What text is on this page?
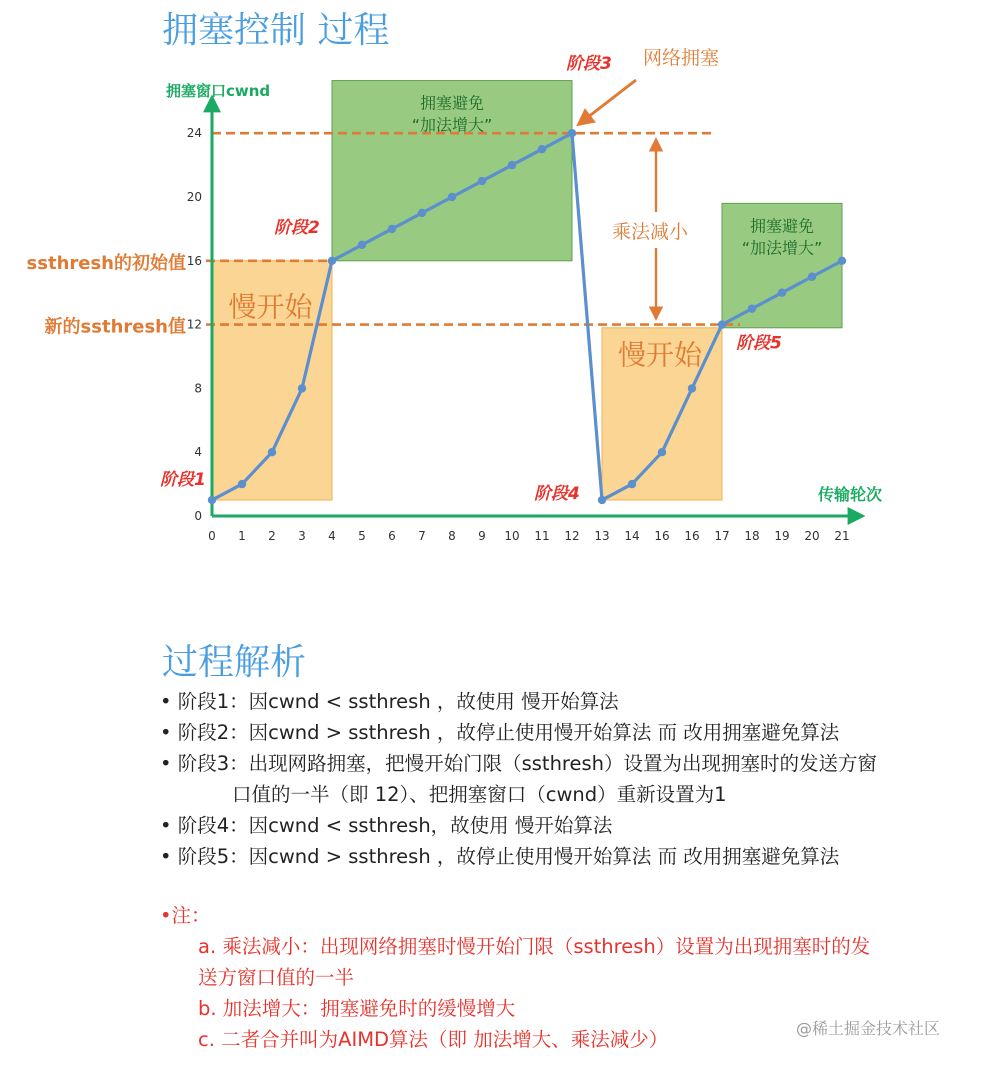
拥塞控制 过程
慢开始
拥塞避免
“加法增大”
慢开始
拥塞避免
“加法增大”
ssthresh的初始值
新的ssthresh值
0
4
8
12
16
20
24
0 1 2 3 4 5 6 7 8 9 10 11 12 13 14 16 16 17 18 19 20 21
拥塞窗口cwnd
传输轮次
阶段1
阶段2
阶段3
阶段4
阶段5
网络拥塞
乘法减小
过程解析
• 阶段1：因cwnd < ssthresh ，故使用 慢开始算法
• 阶段2：因cwnd > ssthresh ，故停止使用慢开始算法 而 改用拥塞避免算法
• 阶段3：出现网路拥塞，把慢开始门限（ssthresh）设置为出现拥塞时的发送方窗
口值的一半（即 12）、把拥塞窗口（cwnd）重新设置为1
• 阶段4：因cwnd < ssthresh，故使用 慢开始算法
• 阶段5：因cwnd > ssthresh ，故停止使用慢开始算法 而 改用拥塞避免算法
•注：
a. 乘法减小：出现网络拥塞时慢开始门限（ssthresh）设置为出现拥塞时的发
送方窗口值的一半
b. 加法增大：拥塞避免时的缓慢增大
c. 二者合并叫为AIMD算法（即 加法增大、乘法减少）	@稀土掘金技术社区
